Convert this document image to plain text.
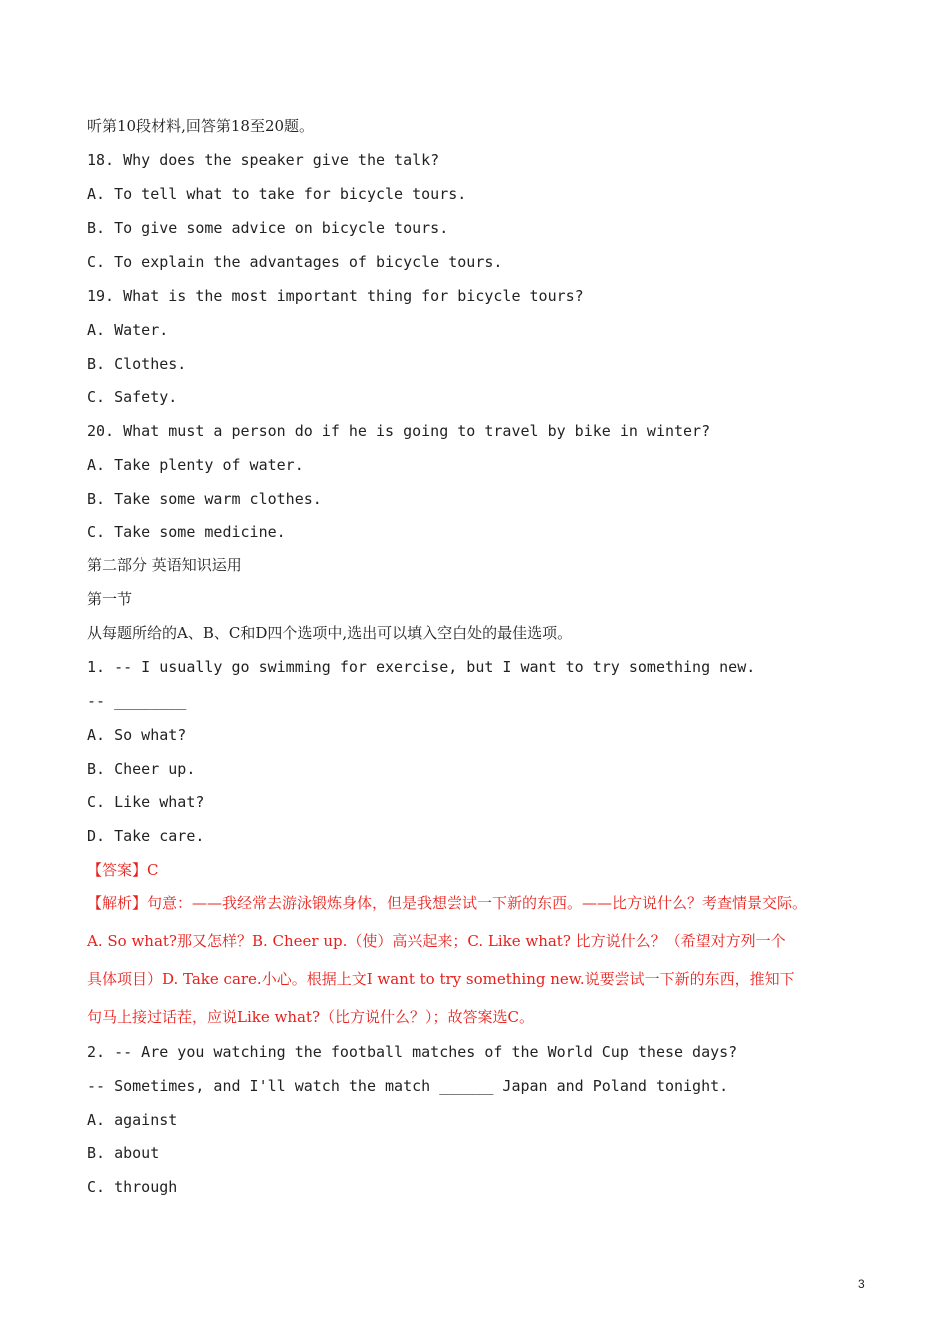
听第10段材料,回答第18至20题。
18. Why does the speaker give the talk?
A. To tell what to take for bicycle tours.
B. To give some advice on bicycle tours.
C. To explain the advantages of bicycle tours.
19. What is the most important thing for bicycle tours?
A. Water.
B. Clothes.
C. Safety.
20. What must a person do if he is going to travel by bike in winter?
A. Take plenty of water.
B. Take some warm clothes.
C. Take some medicine.
第二部分 英语知识运用
第一节
从每题所给的A、B、C和D四个选项中,选出可以填入空白处的最佳选项。
1. -- I usually go swimming for exercise, but I want to try something new.
-- ________
A. So what?
B. Cheer up.
C. Like what?
D. Take care.
【答案】C
【解析】句意：——我经常去游泳锻炼身体，但是我想尝试一下新的东西。——比方说什么？考查情景交际。
A. So what?那又怎样？B. Cheer up.（使）高兴起来；C. Like what? 比方说什么？（希望对方列一个
具体项目）D. Take care.小心。根据上文I want to try something new.说要尝试一下新的东西，推知下
句马上接过话茬，应说Like what?（比方说什么？）；故答案选C。
2. -- Are you watching the football matches of the World Cup these days?
-- Sometimes, and I'll watch the match ______ Japan and Poland tonight.
A. against
B. about
C. through
3
